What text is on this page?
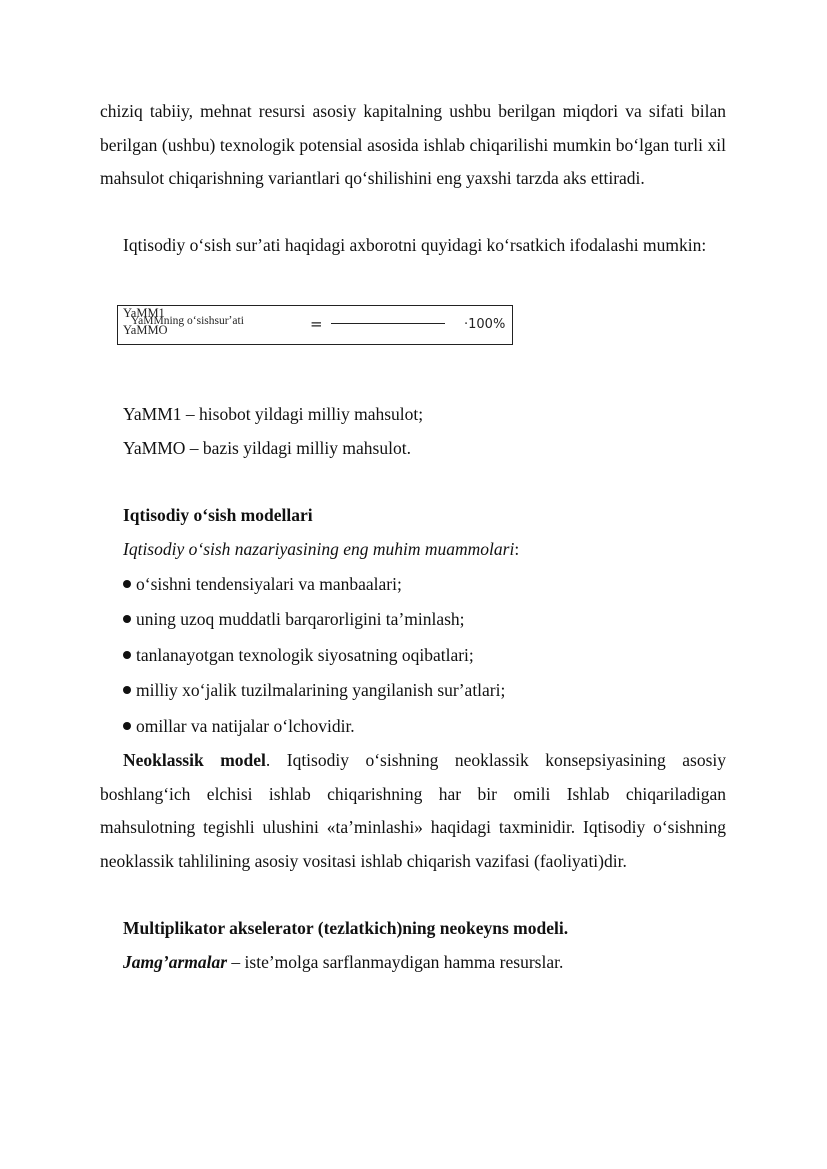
chiziq tabiiy, mehnat resursi asosiy kapitalning ushbu berilgan miqdori va sifati bilan berilgan (ushbu) texnologik potensial asosida ishlab chiqarilishi mumkin boʻlgan turli xil mahsulot chiqarishning variantlari qoʻshilishini eng yaxshi tarzda aks ettiradi.

Iqtisodiy oʻsish surʼati haqidagi axborotni quyidagi koʻrsatkich ifodalashi mumkin:

YaMM1
YaMMning oʻsishsurʼati
YaMMO	=	·100%

YaMM1 – hisobot yildagi milliy mahsulot;

YaMMO – bazis yildagi milliy mahsulot.

Iqtisodiy oʻsish modellari

Iqtisodiy oʻsish nazariyasining eng muhim muammolari:

oʻsishni tendensiyalari va manbaalari;

uning uzoq muddatli barqarorligini taʼminlash;

tanlanayotgan texnologik siyosatning oqibatlari;

milliy xoʻjalik tuzilmalarining yangilanish surʼatlari;

omillar va natijalar oʻlchovidir.

Neoklassik model. Iqtisodiy oʻsishning neoklassik konsepsiyasining asosiy boshlangʻich elchisi ishlab chiqarishning har bir omili Ishlab chiqariladigan mahsulotning tegishli ulushini «taʼminlashi» haqidagi taxminidir. Iqtisodiy oʻsishning neoklassik tahlilining asosiy vositasi ishlab chiqarish vazifasi (faoliyati)dir.

Multiplikator akselerator (tezlatkich)ning neokeyns modeli.

Jamgʼarmalar – isteʼmolga sarflanmaydigan hamma resurslar.
